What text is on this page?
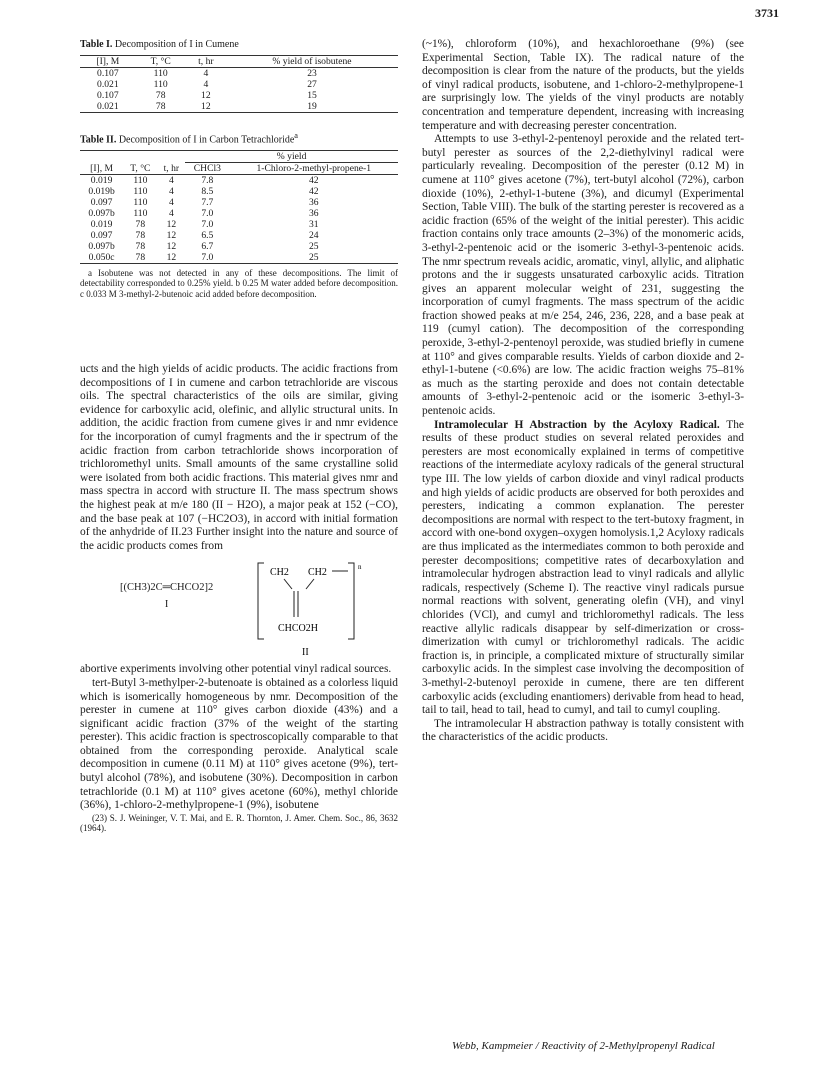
3731
Table I. Decomposition of I in Cumene
[I], M	T, °C	t, hr	% yield of isobutene
0.107	110	4	23
0.021	110	4	27
0.107	78	12	15
0.021	78	12	19
Table II. Decomposition of I in Carbon Tetrachloride$^a$
			% yield	
[I], M	T, °C	t, hr	CHCl3	1-Chloro-2-methyl-propene-1
0.019	110	4	7.8	42
0.019b	110	4	8.5	42
0.097	110	4	7.7	36
0.097b	110	4	7.0	36
0.019	78	12	7.0	31
0.097	78	12	6.5	24
0.097b	78	12	6.7	25
0.050c	78	12	7.0	25

a Isobutene was not detected in any of these decompositions. The limit of detectability corresponded to 0.25% yield. b 0.25 M water added before decomposition. c 0.033 M 3-methyl-2-butenoic acid added before decomposition.

ucts and the high yields of acidic products. The acidic fractions from decompositions of I in cumene and carbon tetrachloride are viscous oils. The spectral characteristics of the oils are similar, giving evidence for carboxylic acid, olefinic, and allylic structural units. In addition, the acidic fraction from cumene gives ir and nmr evidence for the incorporation of cumyl fragments and the ir spectrum of the acidic fraction from carbon tetrachloride shows incorporation of trichloromethyl units. Small amounts of the same crystalline solid were isolated from both acidic fractions. This material gives nmr and mass spectra in accord with structure II. The mass spectrum shows the highest peak at m/e 180 (II − H2O), a major peak at 152 (−CO), and the base peak at 107 (−HC2O3), in accord with initial formation of the anhydride of II.23 Further insight into the nature and source of the acidic products comes from

[(CH3)2C═CHCO2]2
I
CH2 CH2	n
CHCO2H
II

abortive experiments involving other potential vinyl radical sources.

tert-Butyl 3-methylper-2-butenoate is obtained as a colorless liquid which is isomerically homogeneous by nmr. Decomposition of the perester in cumene at 110° gives carbon dioxide (43%) and a significant acidic fraction (37% of the weight of the starting perester). This acidic fraction is spectroscopically comparable to that obtained from the corresponding peroxide. Analytical scale decomposition in cumene (0.11 M) at 110° gives acetone (9%), tert-butyl alcohol (78%), and isobutene (30%). Decomposition in carbon tetrachloride (0.1 M) at 110° gives acetone (60%), methyl chloride (36%), 1-chloro-2-methylpropene-1 (9%), isobutene

(23) S. J. Weininger, V. T. Mai, and E. R. Thornton, J. Amer. Chem. Soc., 86, 3632 (1964).

(~1%), chloroform (10%), and hexachloroethane (9%) (see Experimental Section, Table IX). The radical nature of the decomposition is clear from the nature of the products, but the yields of vinyl radical products, isobutene, and 1-chloro-2-methylpropene-1 are surprisingly low. The yields of the vinyl products are notably concentration and temperature dependent, increasing with increasing temperature and with decreasing perester concentration.

Attempts to use 3-ethyl-2-pentenoyl peroxide and the related tert-butyl perester as sources of the 2,2-diethylvinyl radical were particularly revealing. Decomposition of the perester (0.12 M) in cumene at 110° gives acetone (7%), tert-butyl alcohol (72%), carbon dioxide (10%), 2-ethyl-1-butene (3%), and dicumyl (Experimental Section, Table VIII). The bulk of the starting perester is recovered as a acidic fraction (65% of the weight of the initial perester). This acidic fraction contains only trace amounts (2–3%) of the monomeric acids, 3-ethyl-2-pentenoic acid or the isomeric 3-ethyl-3-pentenoic acids. The nmr spectrum reveals acidic, aromatic, vinyl, allylic, and aliphatic protons and the ir suggests unsaturated carboxylic acids. Titration gives an apparent molecular weight of 231, suggesting the incorporation of cumyl fragments. The mass spectrum of the acidic fraction showed peaks at m/e 254, 246, 236, 228, and a base peak at 119 (cumyl cation). The decomposition of the corresponding peroxide, 3-ethyl-2-pentenoyl peroxide, was studied briefly in cumene at 110° and gives comparable results. Yields of carbon dioxide and 2-ethyl-1-butene (<0.6%) are low. The acidic fraction weighs 75–81% as much as the starting peroxide and does not contain detectable amounts of 3-ethyl-2-pentenoic acid or the isomeric 3-ethyl-3-pentenoic acids.

Intramolecular H Abstraction by the Acyloxy Radical. The results of these product studies on several related peroxides and peresters are most economically explained in terms of competitive reactions of the intermediate acyloxy radicals of the general structural type III. The low yields of carbon dioxide and vinyl radical products and high yields of acidic products are observed for both peroxides and peresters, indicating a common explanation. The perester decompositions are normal with respect to the tert-butoxy fragment, in accord with one-bond oxygen–oxygen homolysis.1,2 Acyloxy radicals are thus implicated as the intermediates common to both peroxide and perester decompositions; competitive rates of decarboxylation and intramolecular hydrogen abstraction lead to vinyl radicals and allylic radicals, respectively (Scheme I). The reactive vinyl radicals pursue normal reactions with solvent, generating olefin (VH), and vinyl chlorides (VCl), and cumyl and trichloromethyl radicals. The less reactive allylic radicals disappear by self-dimerization or cross-dimerization with cumyl or trichloromethyl radicals. The acidic fraction is, in principle, a complicated mixture of structurally similar carboxylic acids. In the simplest case involving the decomposition of 3-methyl-2-butenoyl peroxide in cumene, there are ten different carboxylic acids (excluding enantiomers) derivable from head to head, tail to tail, head to tail, head to cumyl, and tail to cumyl coupling.

The intramolecular H abstraction pathway is totally consistent with the characteristics of the acidic products.

Webb, Kampmeier / Reactivity of 2-Methylpropenyl Radical
